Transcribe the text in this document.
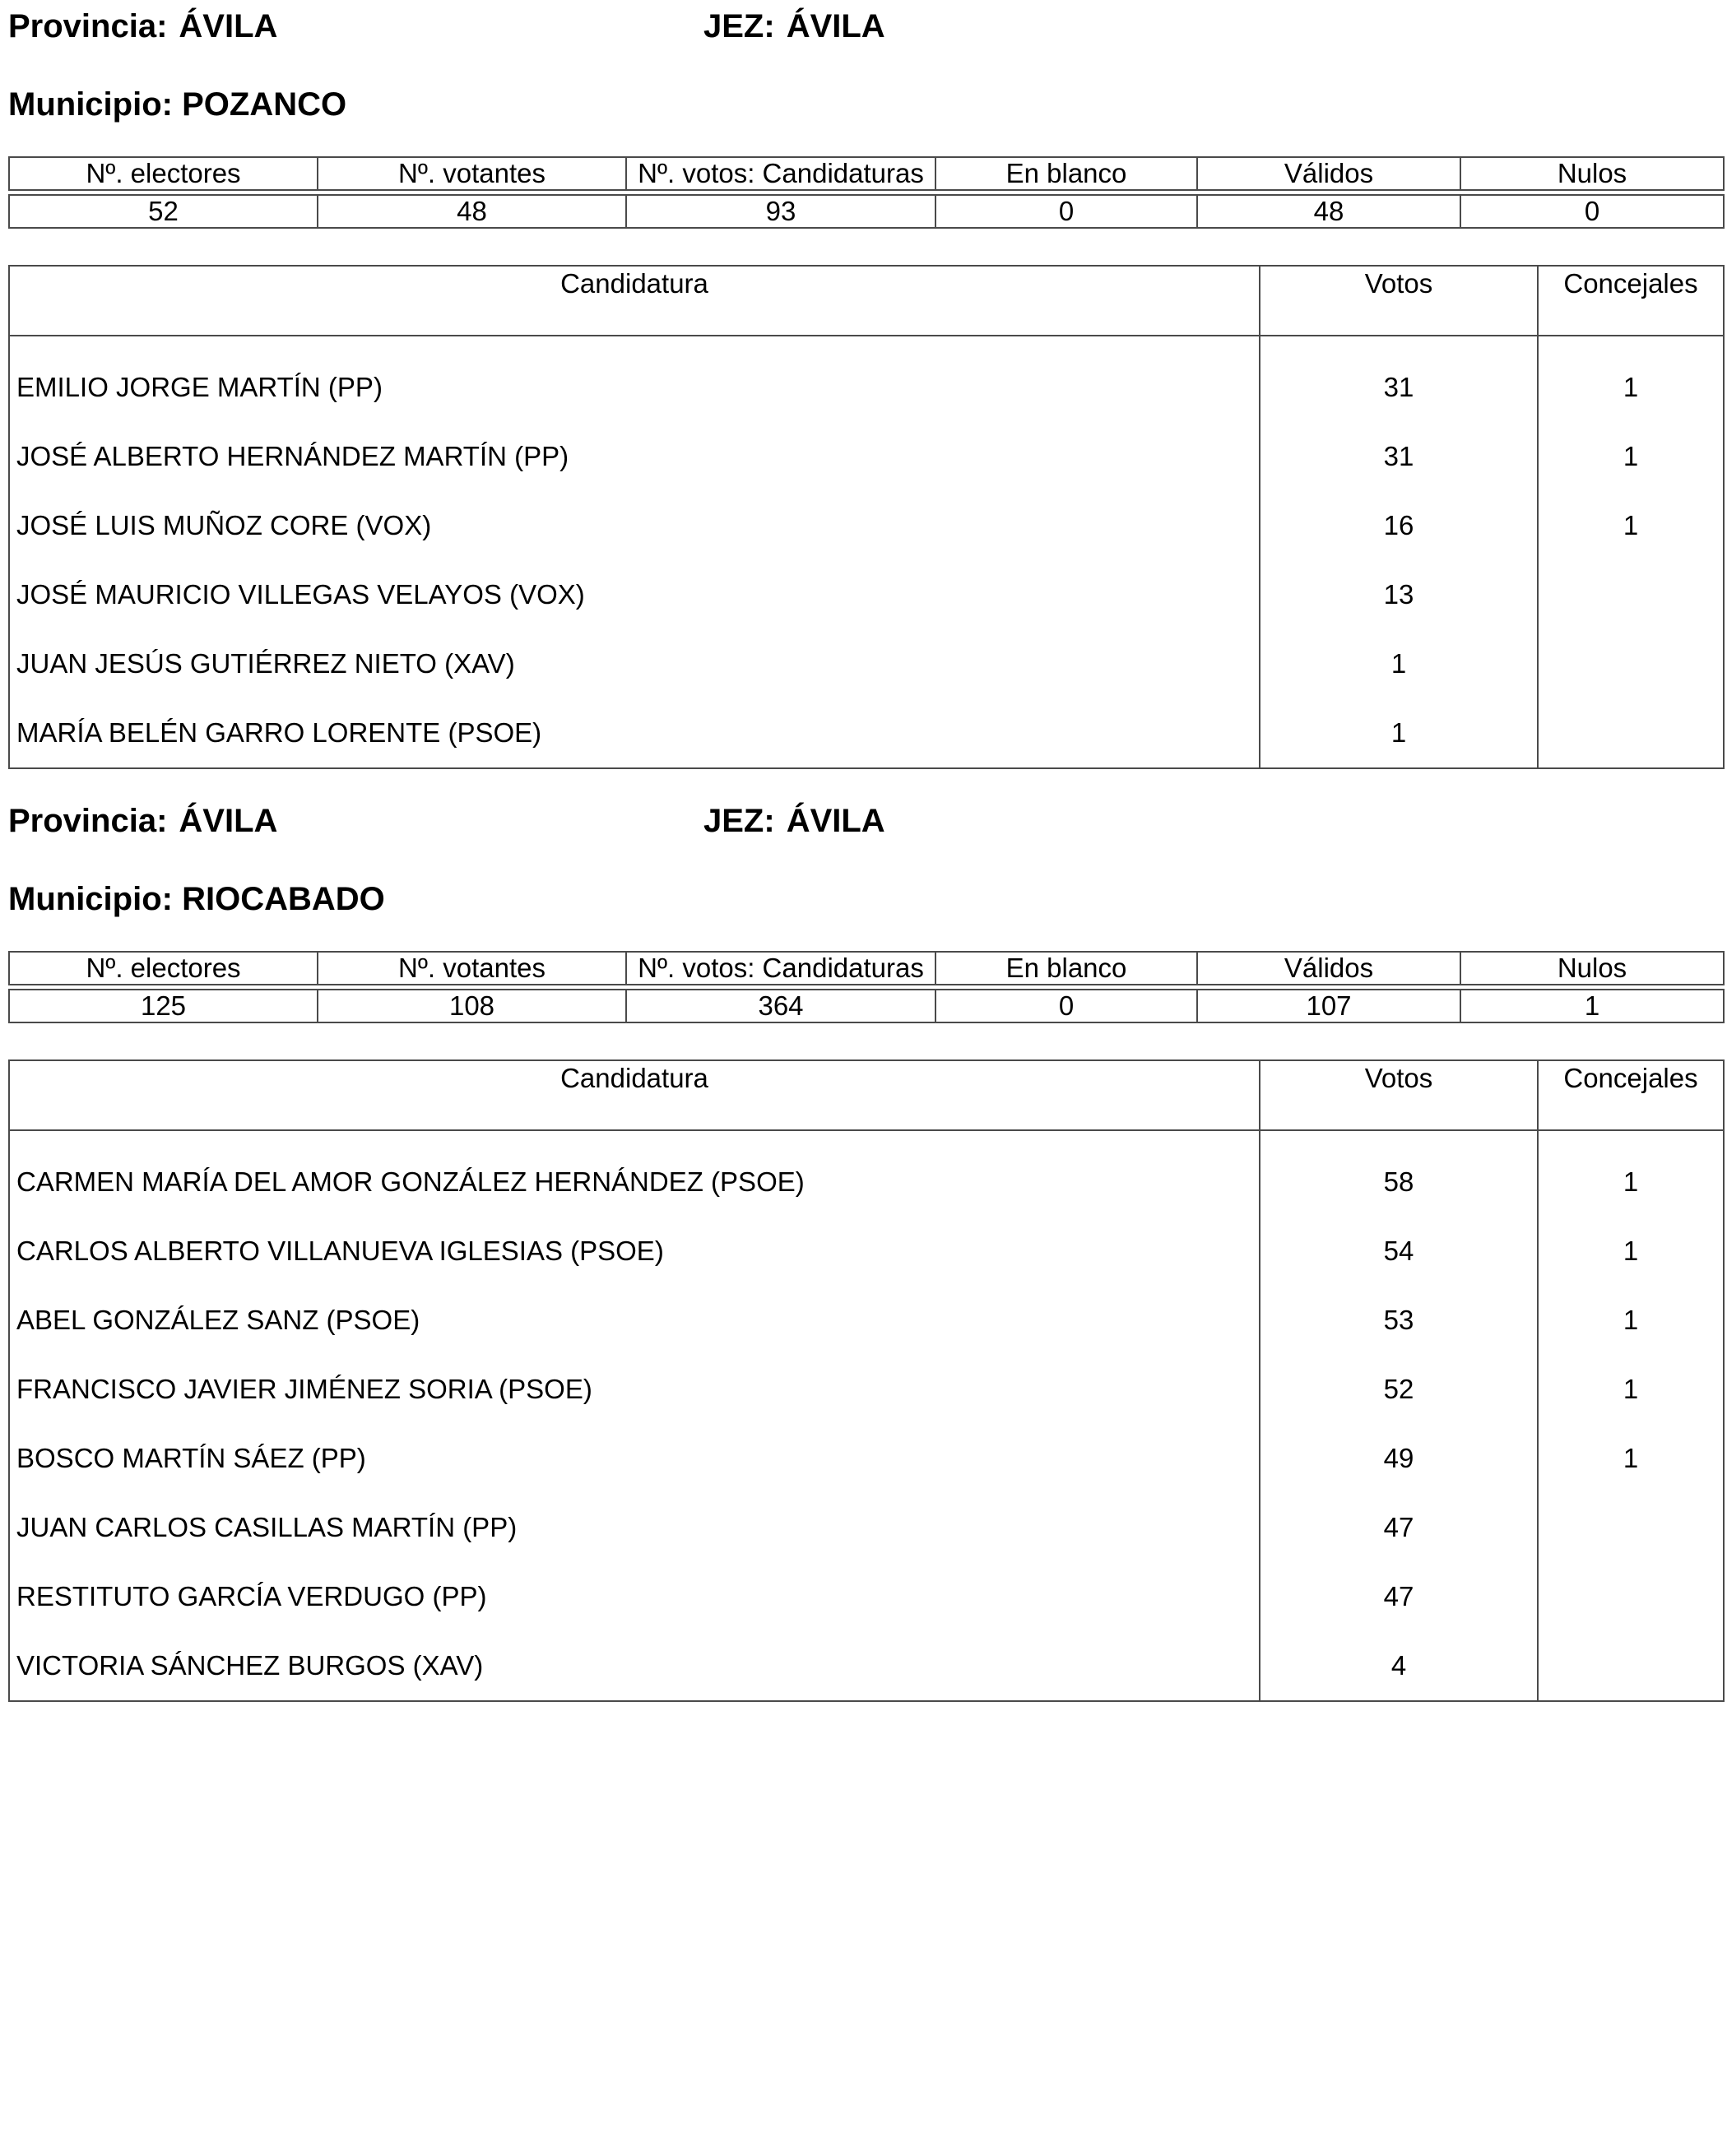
Provincia: ÁVILA	JEZ: ÁVILA
Municipio: POZANCO
Nº. electores	Nº. votantes	Nº. votos: Candidaturas	En blanco	Válidos	Nulos

52	48	93	0	48	0
Candidatura	Votos	Concejales

EMILIO JORGE MARTÍN (PP)	31	1
JOSÉ ALBERTO HERNÁNDEZ MARTÍN (PP)	31	1
JOSÉ LUIS MUÑOZ CORE (VOX)	16	1
JOSÉ MAURICIO VILLEGAS VELAYOS (VOX)	13	
JUAN JESÚS GUTIÉRREZ NIETO (XAV)	1	
MARÍA BELÉN GARRO LORENTE (PSOE)	1	
Provincia: ÁVILA	JEZ: ÁVILA
Municipio: RIOCABADO
Nº. electores	Nº. votantes	Nº. votos: Candidaturas	En blanco	Válidos	Nulos

125	108	364	0	107	1
Candidatura	Votos	Concejales

CARMEN MARÍA DEL AMOR GONZÁLEZ HERNÁNDEZ (PSOE)	58	1
CARLOS ALBERTO VILLANUEVA IGLESIAS (PSOE)	54	1
ABEL GONZÁLEZ SANZ (PSOE)	53	1
FRANCISCO JAVIER JIMÉNEZ SORIA (PSOE)	52	1
BOSCO MARTÍN SÁEZ (PP)	49	1
JUAN CARLOS CASILLAS MARTÍN (PP)	47	
RESTITUTO GARCÍA VERDUGO (PP)	47	
VICTORIA SÁNCHEZ BURGOS (XAV)	4	
